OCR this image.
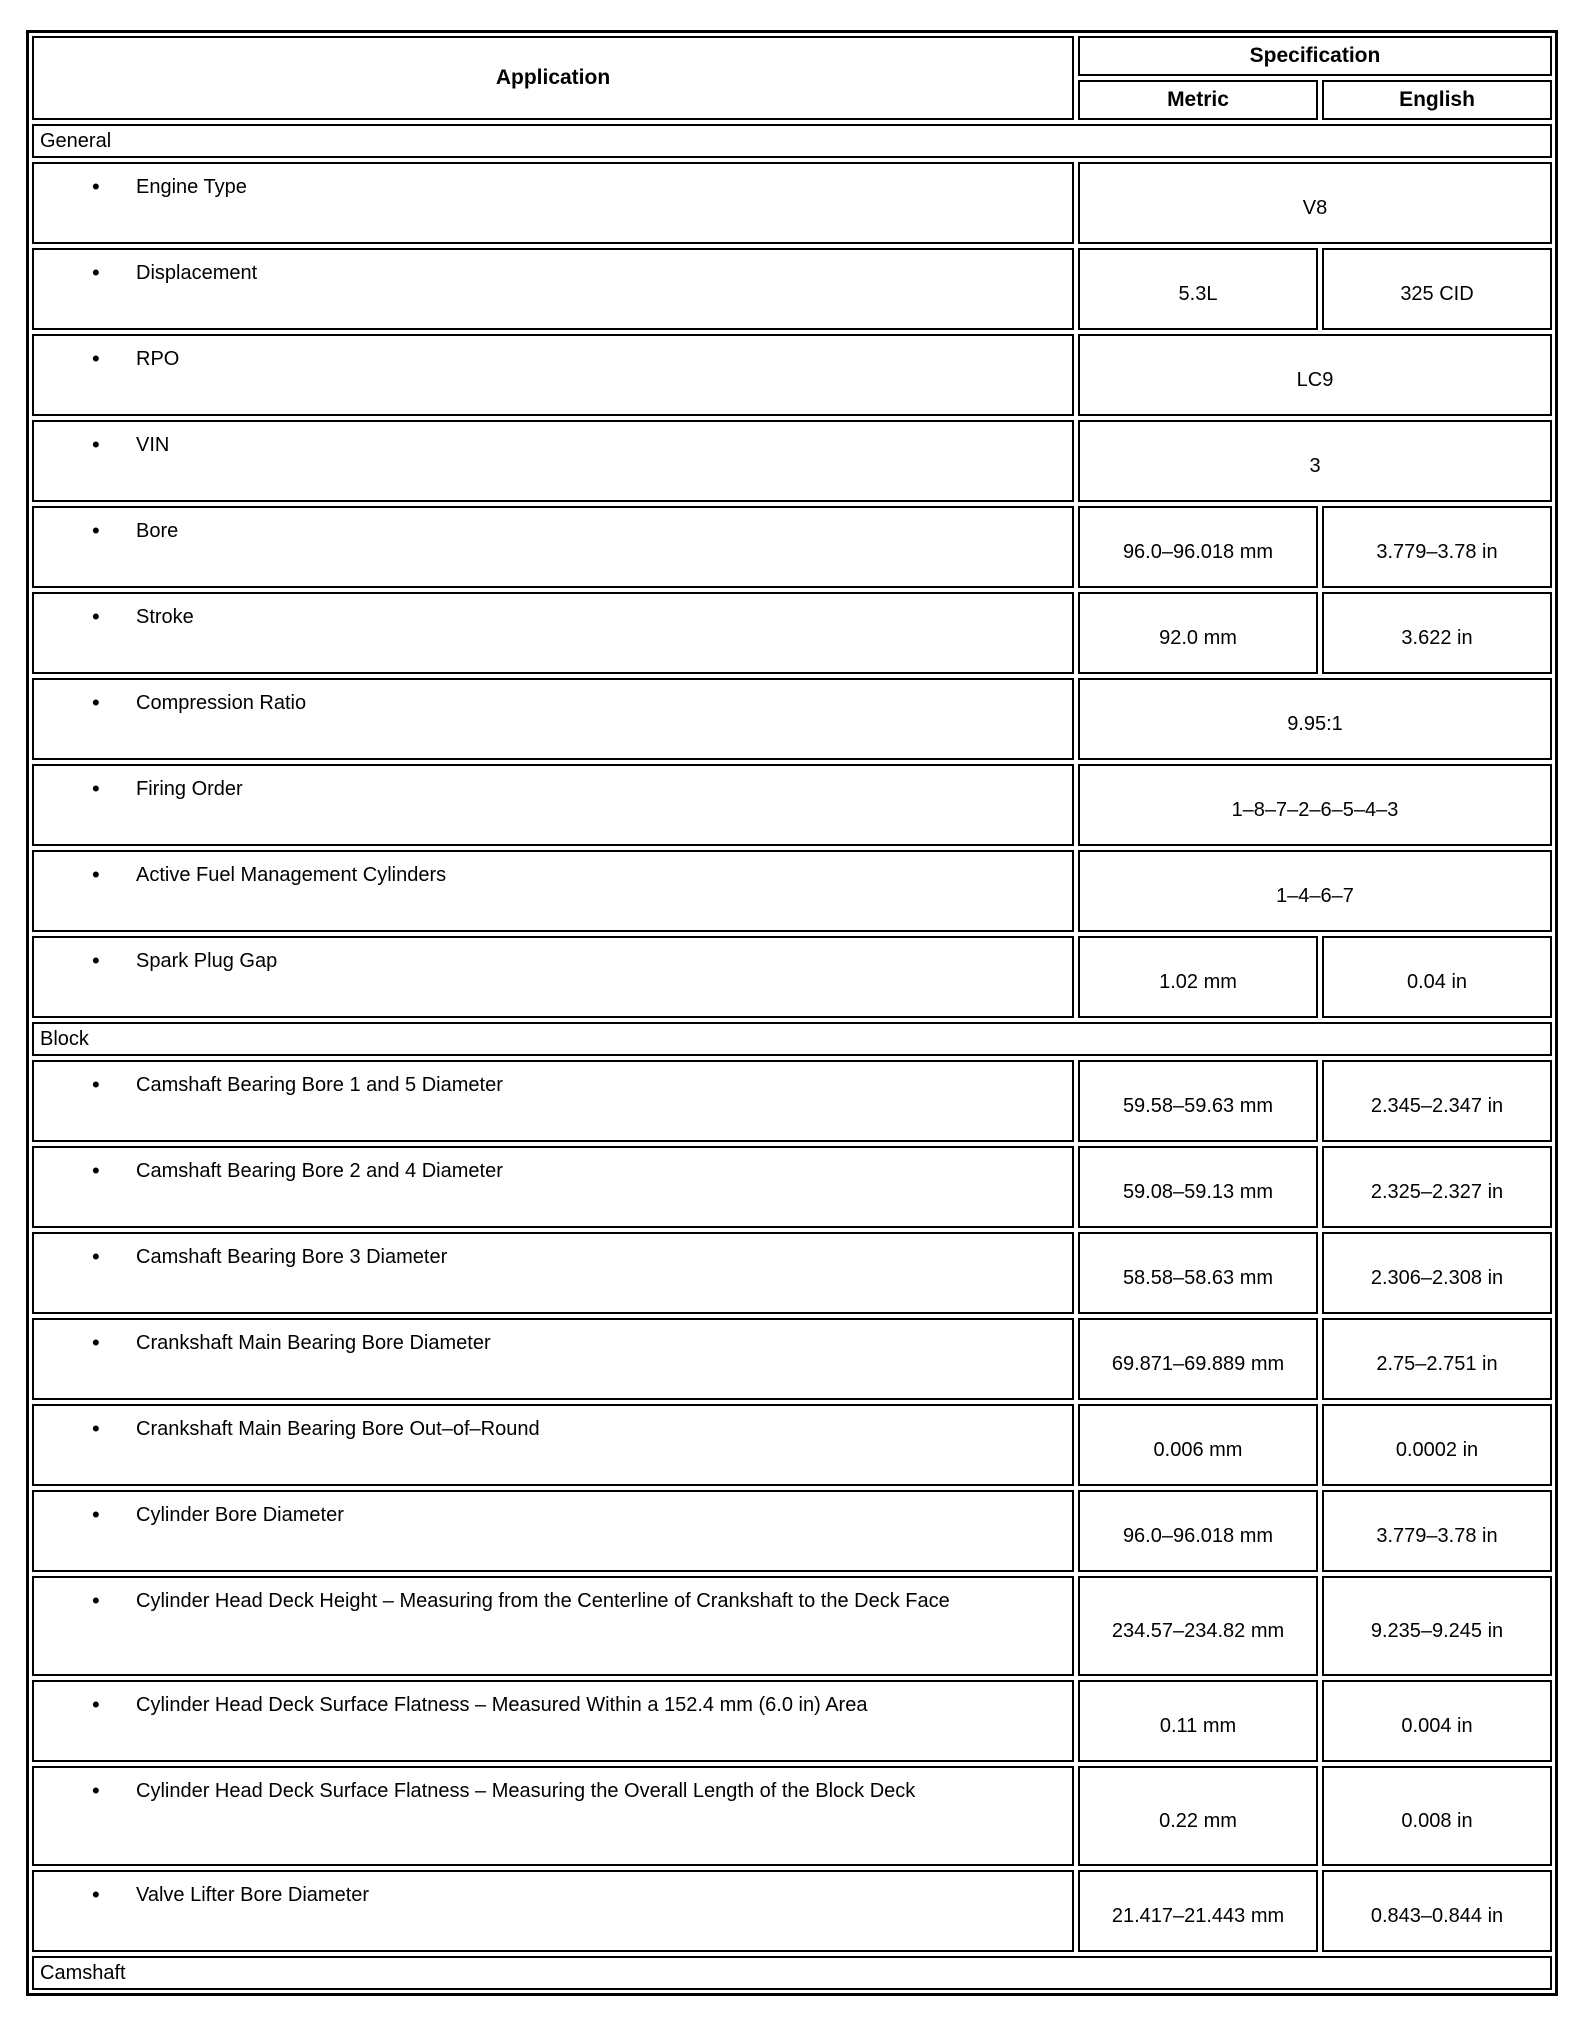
Application
Specification
Metric	English
General
•	Engine Type
V8
•	Displacement
5.3L	325 CID
•	RPO
LC9
•	VIN
3
•	Bore
96.0–96.018 mm	3.779–3.78 in
•	Stroke
92.0 mm	3.622 in
•	Compression Ratio
9.95:1
•	Firing Order
1–8–7–2–6–5–4–3
•	Active Fuel Management Cylinders
1–4–6–7
•	Spark Plug Gap
1.02 mm	0.04 in
Block
•	Camshaft Bearing Bore 1 and 5 Diameter
59.58–59.63 mm	2.345–2.347 in
•	Camshaft Bearing Bore 2 and 4 Diameter
59.08–59.13 mm	2.325–2.327 in
•	Camshaft Bearing Bore 3 Diameter
58.58–58.63 mm	2.306–2.308 in
•	Crankshaft Main Bearing Bore Diameter
69.871–69.889 mm	2.75–2.751 in
•	Crankshaft Main Bearing Bore Out–of–Round
0.006 mm	0.0002 in
•	Cylinder Bore Diameter
96.0–96.018 mm	3.779–3.78 in
•	Cylinder Head Deck Height – Measuring from the Centerline of Crankshaft to the Deck Face
234.57–234.82 mm	9.235–9.245 in
•	Cylinder Head Deck Surface Flatness – Measured Within a 152.4 mm (6.0 in) Area
0.11 mm	0.004 in
•	Cylinder Head Deck Surface Flatness – Measuring the Overall Length of the Block Deck
0.22 mm	0.008 in
•	Valve Lifter Bore Diameter
21.417–21.443 mm	0.843–0.844 in
Camshaft
